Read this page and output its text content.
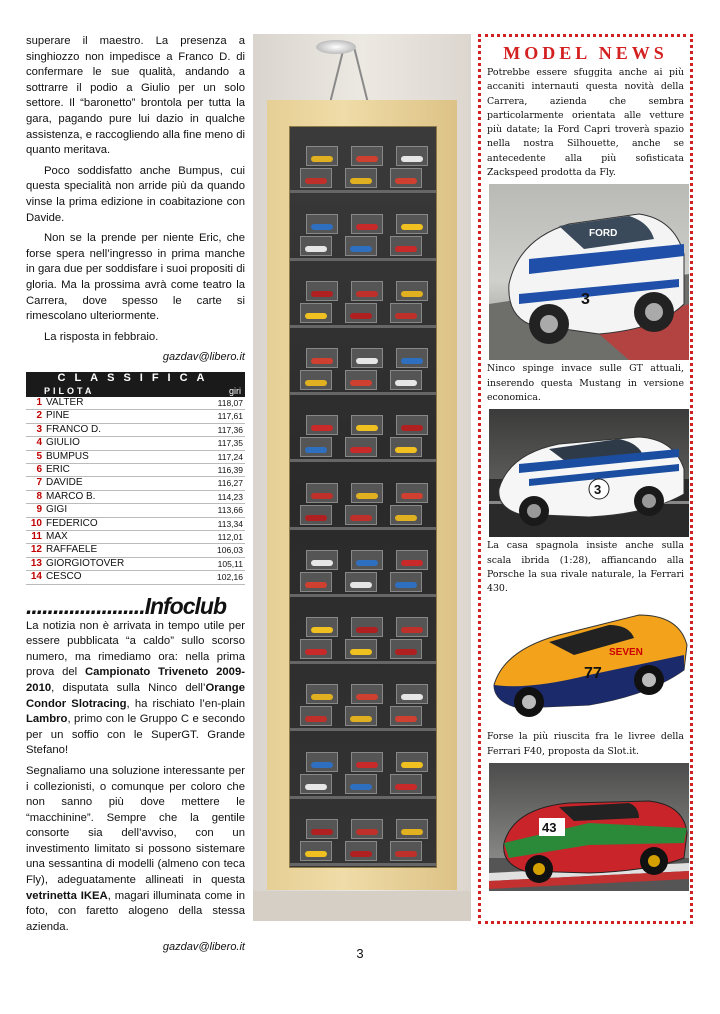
superare il maestro. La presenza a singhiozzo non impedisce a Franco D. di confermare le sue qualità, andando a sottrarre il podio a Giulio per un solo settore. Il “baronetto” brontola per tutta la gara, pagando pure lui dazio in qualche assistenza, e raccogliendo alla fine meno di quanto meritava.

Poco soddisfatto anche Bumpus, cui questa specialità non arride più da quando vinse la prima edizione in coabitazione con Davide.

Non se la prende per niente Eric, che forse spera nell’ingresso in prima manche in gara due per soddisfare i suoi propositi di gloria. Ma la prossima avrà come teatro la Carrera, dove spesso le carte si rimescolano ulteriormente.

La risposta in febbraio.

gazdav@libero.it
CLASSIFICA
PILOTA	giri
1 VALTER	118,07
2 PINE	117,61
3 FRANCO D.	117,36
4 GIULIO	117,35
5 BUMPUS	117,24
6 ERIC	116,39
7 DAVIDE	116,27
8 MARCO B.	114,23
9 GIGI	113,66
10 FEDERICO	113,34
11 MAX	112,01
12 RAFFAELE	106,03
13 GIORGIOTOVER	105,11
14 CESCO	102,16
......................Infoclub

La notizia non è arrivata in tempo utile per essere pubblicata “a caldo” sullo scorso numero, ma rimediamo ora: nella prima prova del Campionato Triveneto 2009-2010, disputata sulla Ninco dell’Orange Condor Slotracing, ha rischiato l’en-plain Lambro, primo con le Gruppo C e secondo per un soffio con le SuperGT. Grande Stefano!

Segnaliamo una soluzione interessante per i collezionisti, o comunque per coloro che non sanno più dove mettere le “macchinine”. Sempre che la gentile consorte sia dell’avviso, con un investimento limitato si possono sistemare una sessantina di modelli (almeno con teca Fly), adeguatamente allineati in questa vetrinetta IKEA, magari illuminata come in foto, con faretto alogeno della stessa azienda.

gazdav@libero.it
MODEL NEWS
Potrebbe essere sfuggita anche ai più accaniti internauti questa novità della Carrera, azienda che sembra particolarmente orientata alle vetture più datate; la Ford Capri troverà spazio nella nostra Silhouette, anche se antecedente alla più sofisticata Zackspeed prodotta da Fly.
FORD
3
Ninco spinge invace sulle GT attuali, inserendo questa Mustang in versione economica.
3
La casa spagnola insiste anche sulla scala ibrida (1:28), affiancando alla Porsche la sua rivale naturale, la Ferrari 430.
SEVEN
77
Forse la più riuscita fra le livree della Ferrari F40, proposta da Slot.it.
43
3
